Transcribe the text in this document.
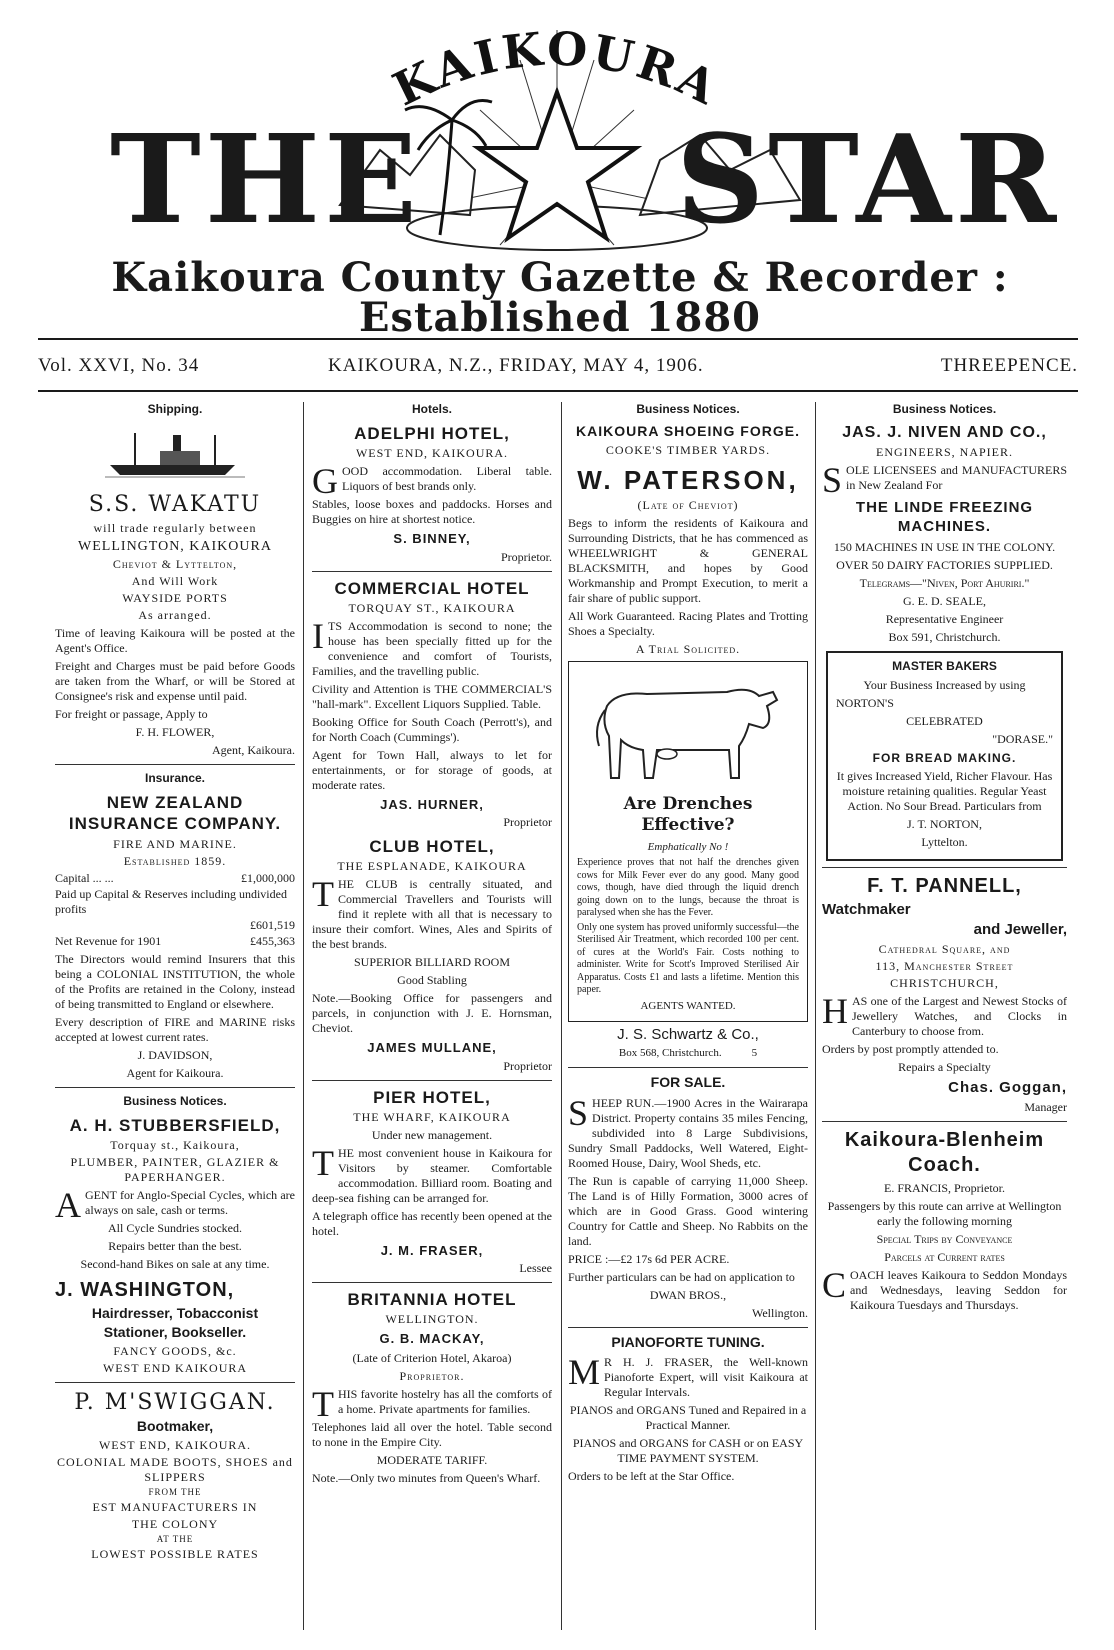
KAIKOURA
THE STAR
Kaikoura County Gazette & Recorder : Established 1880
Vol. XXVI, No. 34	KAIKOURA, N.Z., FRIDAY, MAY 4, 1906.	THREEPENCE.
Shipping.
S.S. WAKATU
will trade regularly between
WELLINGTON, KAIKOURA
Cheviot & Lyttelton,
And Will Work
WAYSIDE PORTS
As arranged.
Time of leaving Kaikoura will be posted at the Agent's Office.
Freight and Charges must be paid before Goods are taken from the Wharf, or will be Stored at Consignee's risk and expense until paid.
For freight or passage, Apply to
F. H. FLOWER,
Agent, Kaikoura.
Insurance.
NEW ZEALAND INSURANCE COMPANY.
FIRE AND MARINE.
Established 1859.
Capital ... ...	£1,000,000
Paid up Capital & Reserves including undivided profits
£601,519
Net Revenue for 1901	£455,363
The Directors would remind Insurers that this being a COLONIAL INSTITUTION, the whole of the Profits are retained in the Colony, instead of being transmitted to England or elsewhere.
Every description of FIRE and MARINE risks accepted at lowest current rates.
J. DAVIDSON,
Agent for Kaikoura.
Business Notices.
A. H. STUBBERSFIELD,
Torquay st., Kaikoura,
PLUMBER, PAINTER, GLAZIER & PAPERHANGER.
AGENT for Anglo-Special Cycles, which are always on sale, cash or terms.
All Cycle Sundries stocked.
Repairs better than the best.
Second-hand Bikes on sale at any time.
J. WASHINGTON,
Hairdresser, Tobacconist
Stationer, Bookseller.
FANCY GOODS, &c.
WEST END KAIKOURA
P. M'SWIGGAN.
Bootmaker,
WEST END, KAIKOURA.
COLONIAL MADE BOOTS, SHOES and SLIPPERS
FROM THE
EST MANUFACTURERS IN
THE COLONY
AT THE
LOWEST POSSIBLE RATES
Hotels.
ADELPHI HOTEL,
WEST END, KAIKOURA.
GOOD accommodation. Liberal table. Liquors of best brands only.
Stables, loose boxes and paddocks. Horses and Buggies on hire at shortest notice.
S. BINNEY,
Proprietor.
COMMERCIAL HOTEL
TORQUAY ST., KAIKOURA
ITS Accommodation is second to none; the house has been specially fitted up for the convenience and comfort of Tourists, Families, and the travelling public.
Civility and Attention is THE COMMERCIAL'S "hall-mark". Excellent Liquors Supplied. Table.
Booking Office for South Coach (Perrott's), and for North Coach (Cummings').
Agent for Town Hall, always to let for entertainments, or for storage of goods, at moderate rates.
JAS. HURNER,
Proprietor
CLUB HOTEL,
THE ESPLANADE, KAIKOURA
THE CLUB is centrally situated, and Commercial Travellers and Tourists will find it replete with all that is necessary to insure their comfort. Wines, Ales and Spirits of the best brands.
SUPERIOR BILLIARD ROOM
Good Stabling
Note.—Booking Office for passengers and parcels, in conjunction with J. E. Hornsman, Cheviot.
JAMES MULLANE,
Proprietor
PIER HOTEL,
THE WHARF, KAIKOURA
Under new management.
THE most convenient house in Kaikoura for Visitors by steamer. Comfortable accommodation. Billiard room. Boating and deep-sea fishing can be arranged for.
A telegraph office has recently been opened at the hotel.
J. M. FRASER,
Lessee
BRITANNIA HOTEL
WELLINGTON.
G. B. MACKAY,
(Late of Criterion Hotel, Akaroa)
Proprietor.
THIS favorite hostelry has all the comforts of a home. Private apartments for families.
Telephones laid all over the hotel. Table second to none in the Empire City.
MODERATE TARIFF.
Note.—Only two minutes from Queen's Wharf.
Business Notices.
KAIKOURA SHOEING FORGE.
COOKE'S TIMBER YARDS.
W. PATERSON,
(Late of Cheviot)
Begs to inform the residents of Kaikoura and Surrounding Districts, that he has commenced as WHEELWRIGHT & GENERAL BLACKSMITH, and hopes by Good Workmanship and Prompt Execution, to merit a fair share of public support.
All Work Guaranteed. Racing Plates and Trotting Shoes a Specialty.
A Trial Solicited.
Are Drenches Effective?
Emphatically No !
Experience proves that not half the drenches given cows for Milk Fever ever do any good. Many good cows, though, have died through the liquid drench going down on to the lungs, because the throat is paralysed when she has the Fever.
Only one system has proved uniformly successful—the Sterilised Air Treatment, which recorded 100 per cent. of cures at the World's Fair. Costs nothing to administer. Write for Scott's Improved Sterilised Air Apparatus. Costs £1 and lasts a lifetime. Mention this paper.
AGENTS WANTED.
J. S. Schwartz & Co.,
Box 568, Christchurch.	5
FOR SALE.
SHEEP RUN.—1900 Acres in the Wairarapa District. Property contains 35 miles Fencing, subdivided into 8 Large Subdivisions, Sundry Small Paddocks, Well Watered, Eight-Roomed House, Dairy, Wool Sheds, etc.
The Run is capable of carrying 11,000 Sheep. The Land is of Hilly Formation, 3000 acres of which are in Good Grass. Good wintering Country for Cattle and Sheep. No Rabbits on the land.
PRICE :—£2 17s 6d PER ACRE.
Further particulars can be had on application to
DWAN BROS.,
Wellington.
PIANOFORTE TUNING.
MR H. J. FRASER, the Well-known Pianoforte Expert, will visit Kaikoura at Regular Intervals.
PIANOS and ORGANS Tuned and Repaired in a Practical Manner.
PIANOS and ORGANS for CASH or on EASY TIME PAYMENT SYSTEM.
Orders to be left at the Star Office.
Business Notices.
JAS. J. NIVEN AND CO.,
ENGINEERS, NAPIER.
SOLE LICENSEES and MANUFACTURERS in New Zealand For
THE LINDE FREEZING MACHINES.
150 MACHINES IN USE IN THE COLONY.
OVER 50 DAIRY FACTORIES SUPPLIED.
Telegrams—"Niven, Port Ahuriri."
G. E. D. SEALE,
Representative Engineer
Box 591, Christchurch.
MASTER BAKERS
Your Business Increased by using
NORTON'S
CELEBRATED
"DORASE."
FOR BREAD MAKING.
It gives Increased Yield, Richer Flavour. Has moisture retaining qualities. Regular Yeast Action. No Sour Bread. Particulars from
J. T. NORTON,
Lyttelton.
F. T. PANNELL,
Watchmaker
and Jeweller,
Cathedral Square, and
113, Manchester Street
CHRISTCHURCH,
HAS one of the Largest and Newest Stocks of Jewellery Watches, and Clocks in Canterbury to choose from.
Orders by post promptly attended to.
Repairs a Specialty
Chas. Goggan,
Manager
Kaikoura-Blenheim Coach.
E. FRANCIS, Proprietor.
Passengers by this route can arrive at Wellington early the following morning
Special Trips by Conveyance
Parcels at Current rates
COACH leaves Kaikoura to Seddon Mondays and Wednesdays, leaving Seddon for Kaikoura Tuesdays and Thursdays.
